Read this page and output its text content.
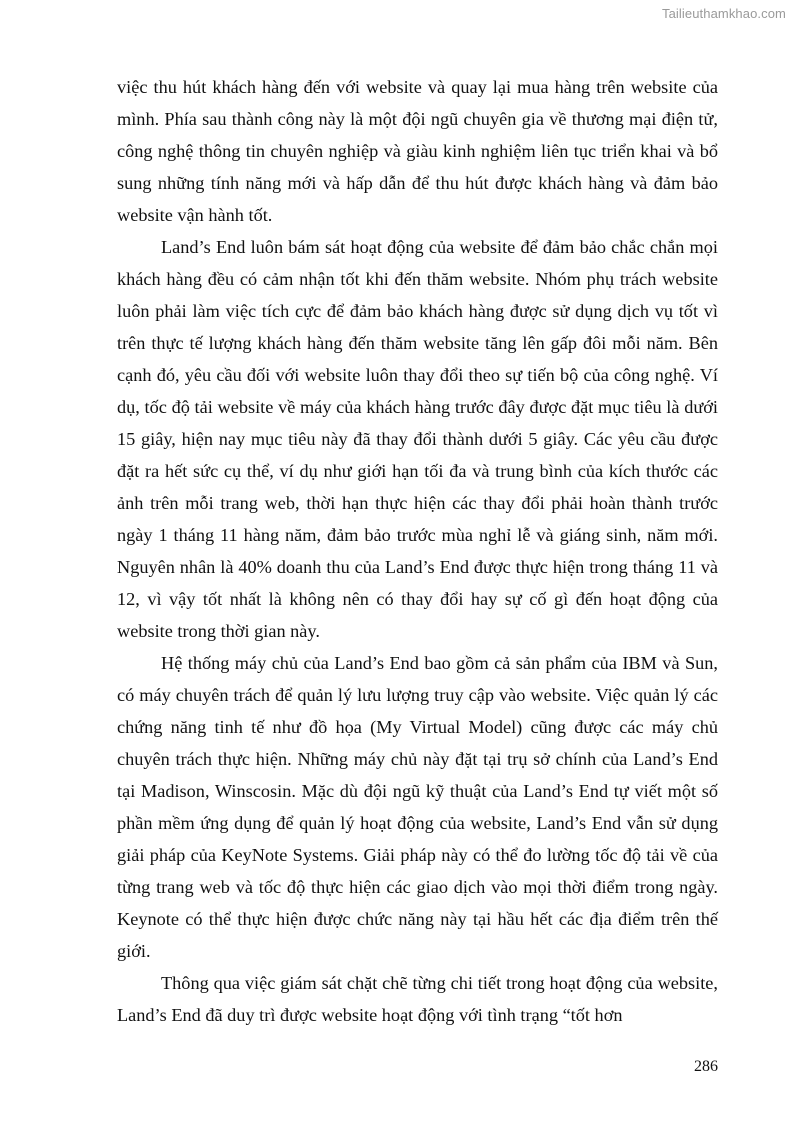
Tailieuthamkhao.com

việc thu hút khách hàng đến với website và quay lại mua hàng trên website của mình. Phía sau thành công này là một đội ngũ chuyên gia về thương mại điện tử, công nghệ thông tin chuyên nghiệp và giàu kinh nghiệm liên tục triển khai và bổ sung những tính năng mới và hấp dẫn để thu hút được khách hàng và đảm bảo website vận hành tốt.

Land’s End luôn bám sát hoạt động của website để đảm bảo chắc chắn mọi khách hàng đều có cảm nhận tốt khi đến thăm website. Nhóm phụ trách website luôn phải làm việc tích cực để đảm bảo khách hàng được sử dụng dịch vụ tốt vì trên thực tế lượng khách hàng đến thăm website tăng lên gấp đôi mỗi năm. Bên cạnh đó, yêu cầu đối với website luôn thay đổi theo sự tiến bộ của công nghệ. Ví dụ, tốc độ tải website về máy của khách hàng trước đây được đặt mục tiêu là dưới 15 giây, hiện nay mục tiêu này đã thay đổi thành dưới 5 giây. Các yêu cầu được đặt ra hết sức cụ thể, ví dụ như giới hạn tối đa và trung bình của kích thước các ảnh trên mỗi trang web, thời hạn thực hiện các thay đổi phải hoàn thành trước ngày 1 tháng 11 hàng năm, đảm bảo trước mùa nghỉ lễ và giáng sinh, năm mới. Nguyên nhân là 40% doanh thu của Land’s End được thực hiện trong tháng 11 và 12, vì vậy tốt nhất là không nên có thay đổi hay sự cố gì đến hoạt động của website trong thời gian này.

Hệ thống máy chủ của Land’s End bao gồm cả sản phẩm của IBM và Sun, có máy chuyên trách để quản lý lưu lượng truy cập vào website. Việc quản lý các chứng năng tinh tế như đồ họa (My Virtual Model) cũng được các máy chủ chuyên trách thực hiện. Những máy chủ này đặt tại trụ sở chính của Land’s End tại Madison, Winscosin. Mặc dù đội ngũ kỹ thuật của Land’s End tự viết một số phần mềm ứng dụng để quản lý hoạt động của website, Land’s End vẫn sử dụng giải pháp của KeyNote Systems. Giải pháp này có thể đo lường tốc độ tải về của từng trang web và tốc độ thực hiện các giao dịch vào mọi thời điểm trong ngày. Keynote có thể thực hiện được chức năng này tại hầu hết các địa điểm trên thế giới.

Thông qua việc giám sát chặt chẽ từng chi tiết trong hoạt động của website, Land’s End đã duy trì được website hoạt động với tình trạng “tốt hơn

286
